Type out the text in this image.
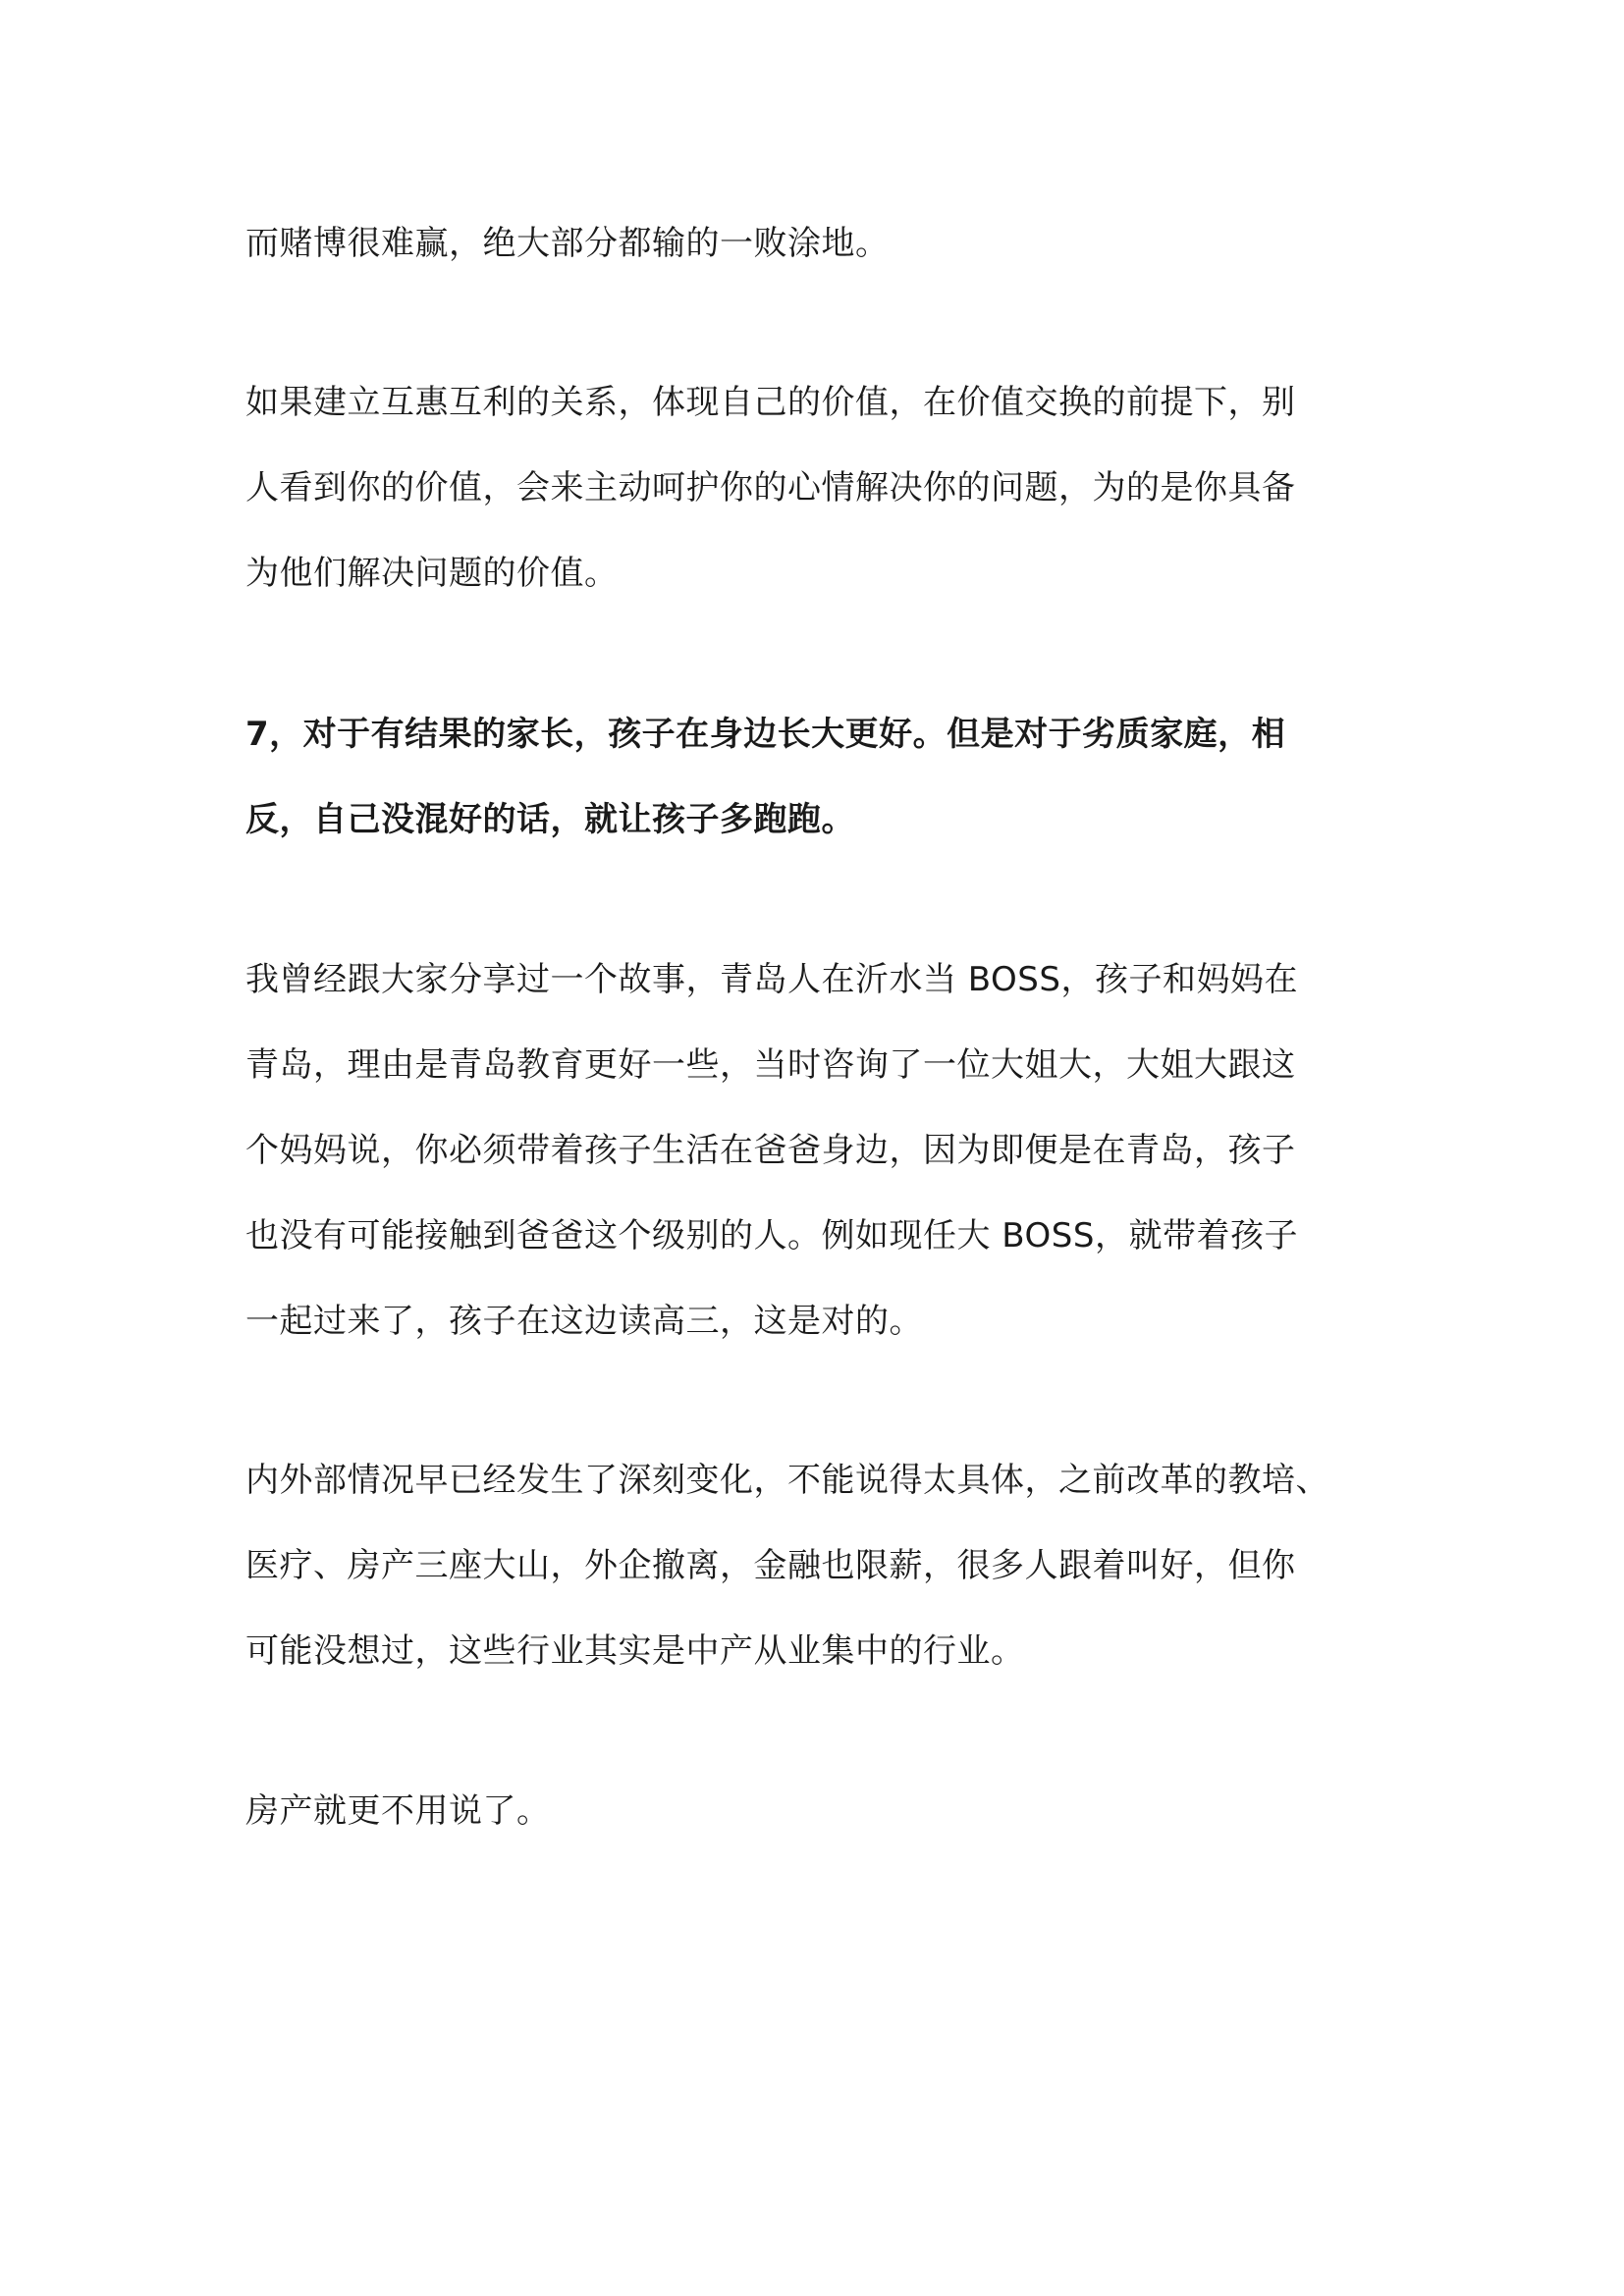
而赌博很难赢，绝大部分都输的一败涂地。

如果建立互惠互利的关系，体现自己的价值，在价值交换的前提下，别
人看到你的价值，会来主动呵护你的心情解决你的问题，为的是你具备
为他们解决问题的价值。

7，对于有结果的家长，孩子在身边长大更好。但是对于劣质家庭，相
反，自己没混好的话，就让孩子多跑跑。

我曾经跟大家分享过一个故事，青岛人在沂水当 BOSS，孩子和妈妈在
青岛，理由是青岛教育更好一些，当时咨询了一位大姐大，大姐大跟这
个妈妈说，你必须带着孩子生活在爸爸身边，因为即便是在青岛，孩子
也没有可能接触到爸爸这个级别的人。例如现任大 BOSS，就带着孩子
一起过来了，孩子在这边读高三，这是对的。

内外部情况早已经发生了深刻变化，不能说得太具体，之前改革的教培、
医疗、房产三座大山，外企撤离，金融也限薪，很多人跟着叫好，但你
可能没想过，这些行业其实是中产从业集中的行业。

房产就更不用说了。
